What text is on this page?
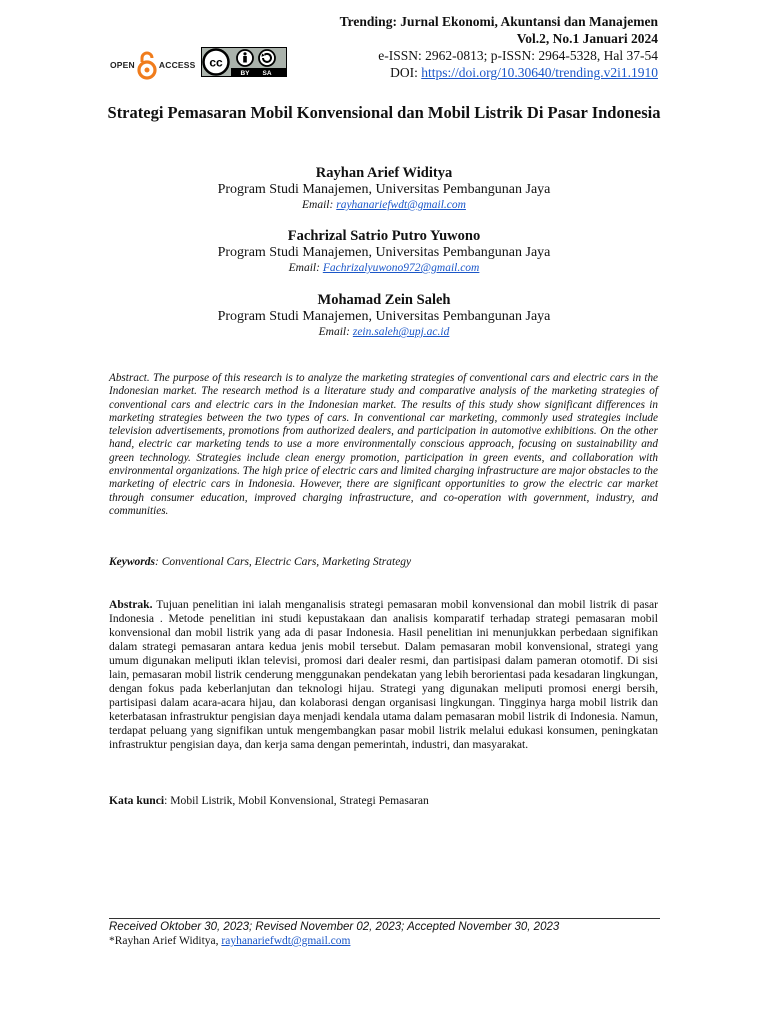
Trending: Jurnal Ekonomi, Akuntansi dan Manajemen
Vol.2, No.1 Januari 2024
e-ISSN: 2962-0813; p-ISSN: 2964-5328, Hal 37-54
DOI: https://doi.org/10.30640/trending.v2i1.1910
OPEN	ACCESS cc
BY SA
Strategi Pemasaran Mobil Konvensional dan Mobil Listrik Di Pasar Indonesia
Rayhan Arief Widitya
Program Studi Manajemen, Universitas Pembangunan Jaya
Email: rayhanariefwdt@gmail.com
Fachrizal Satrio Putro Yuwono
Program Studi Manajemen, Universitas Pembangunan Jaya
Email: Fachrizalyuwono972@gmail.com
Mohamad Zein Saleh
Program Studi Manajemen, Universitas Pembangunan Jaya
Email: zein.saleh@upj.ac.id
Abstract. The purpose of this research is to analyze the marketing strategies of conventional cars and electric cars in the Indonesian market. The research method is a literature study and comparative analysis of the marketing strategies of conventional cars and electric cars in the Indonesian market. The results of this study show significant differences in marketing strategies between the two types of cars. In conventional car marketing, commonly used strategies include television advertisements, promotions from authorized dealers, and participation in automotive exhibitions. On the other hand, electric car marketing tends to use a more environmentally conscious approach, focusing on sustainability and green technology. Strategies include clean energy promotion, participation in green events, and collaboration with environmental organizations. The high price of electric cars and limited charging infrastructure are major obstacles to the marketing of electric cars in Indonesia. However, there are significant opportunities to grow the electric car market through consumer education, improved charging infrastructure, and co-operation with government, industry, and communities.
Keywords: Conventional Cars, Electric Cars, Marketing Strategy
Abstrak. Tujuan penelitian ini ialah menganalisis strategi pemasaran mobil konvensional dan mobil listrik di pasar Indonesia . Metode penelitian ini studi kepustakaan dan analisis komparatif terhadap strategi pemasaran mobil konvensional dan mobil listrik yang ada di pasar Indonesia. Hasil penelitian ini menunjukkan perbedaan signifikan dalam strategi pemasaran antara kedua jenis mobil tersebut. Dalam pemasaran mobil konvensional, strategi yang umum digunakan meliputi iklan televisi, promosi dari dealer resmi, dan partisipasi dalam pameran otomotif. Di sisi lain, pemasaran mobil listrik cenderung menggunakan pendekatan yang lebih berorientasi pada kesadaran lingkungan, dengan fokus pada keberlanjutan dan teknologi hijau. Strategi yang digunakan meliputi promosi energi bersih, partisipasi dalam acara-acara hijau, dan kolaborasi dengan organisasi lingkungan. Tingginya harga mobil listrik dan keterbatasan infrastruktur pengisian daya menjadi kendala utama dalam pemasaran mobil listrik di Indonesia. Namun, terdapat peluang yang signifikan untuk mengembangkan pasar mobil listrik melalui edukasi konsumen, peningkatan infrastruktur pengisian daya, dan kerja sama dengan pemerintah, industri, dan masyarakat.
Kata kunci: Mobil Listrik, Mobil Konvensional, Strategi Pemasaran
Received Oktober 30, 2023; Revised November 02, 2023; Accepted November 30, 2023
*Rayhan Arief Widitya, rayhanariefwdt@gmail.com
